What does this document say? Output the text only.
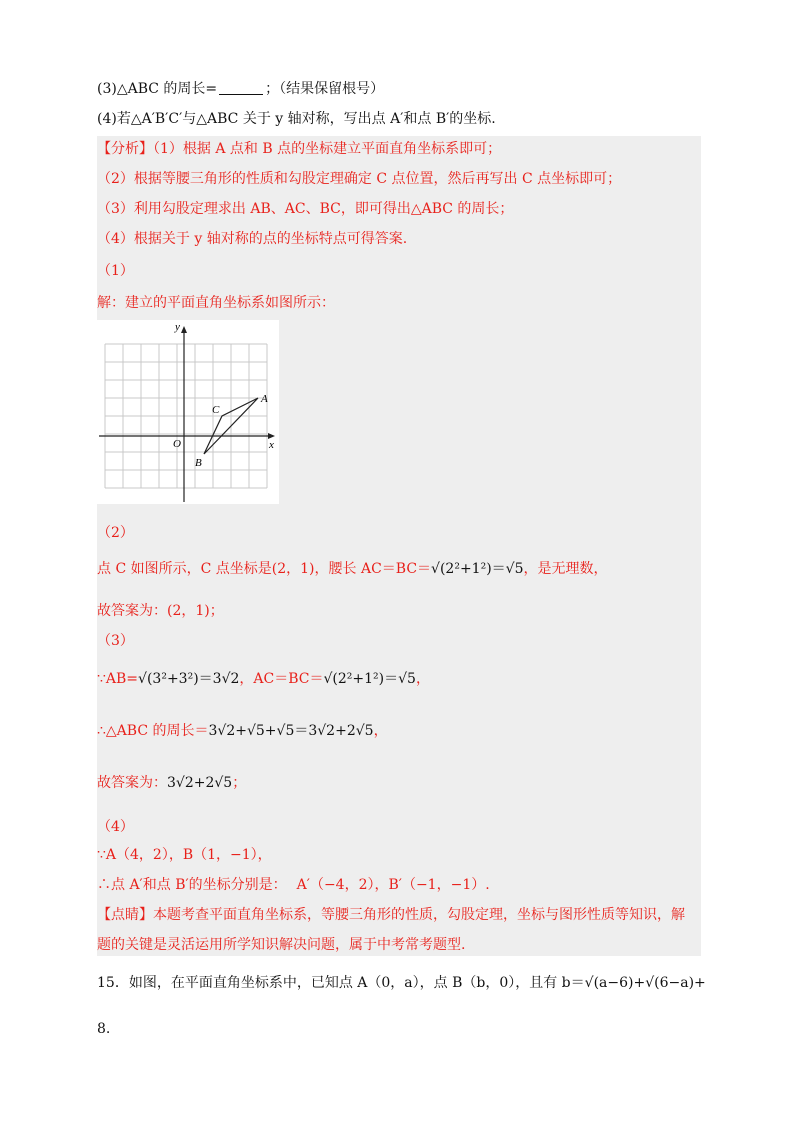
(3)△ABC 的周长=	；（结果保留根号）
(4)若△A′B′C′与△ABC 关于 y 轴对称，写出点 A′和点 B′的坐标.
【分析】（1）根据 A 点和 B 点的坐标建立平面直角坐标系即可；
（2）根据等腰三角形的性质和勾股定理确定 C 点位置，然后再写出 C 点坐标即可；
（3）利用勾股定理求出 AB、AC、BC，即可得出△ABC 的周长；
（4）根据关于 y 轴对称的点的坐标特点可得答案.
（1）
解：建立的平面直角坐标系如图所示：
y
x
O
A
B
C
（2）
点 C 如图所示，C 点坐标是(2，1)，腰长 AC＝BC＝√(2²+1²)＝√5，是无理数，
故答案为：(2，1)；
（3）
∵AB=√(3²+3²)＝3√2，AC＝BC＝√(2²+1²)＝√5，
∴△ABC 的周长＝3√2+√5+√5＝3√2+2√5，
故答案为：3√2+2√5；
（4）
∵A（4，2），B（1，−1），
∴点 A′和点 B′的坐标分别是： A′（−4，2），B′（−1，−1）.
【点睛】本题考查平面直角坐标系，等腰三角形的性质，勾股定理，坐标与图形性质等知识，解
题的关键是灵活运用所学知识解决问题，属于中考常考题型.
15．如图，在平面直角坐标系中，已知点 A（0，a），点 B（b，0），且有 b＝√(a−6)+√(6−a)+
8.
